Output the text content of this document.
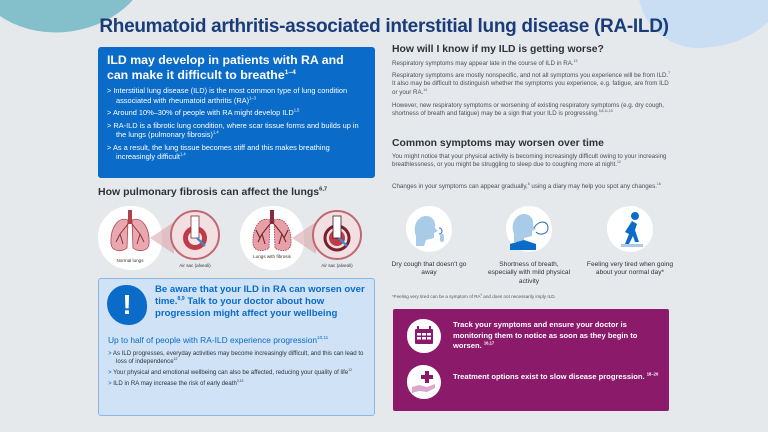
Rheumatoid arthritis-associated interstitial lung disease (RA-ILD)
ILD may develop in patients with RA and can make it difficult to breathe$^{1-4}$
> Interstitial lung disease (ILD) is the most common type of lung condition associated with rheumatoid arthritis (RA)$^{1-3}$
> Around 10%–30% of people with RA might develop ILD$^{1,5}$
> RA-ILD is a fibrotic lung condition, where scar tissue forms and builds up in the lungs (pulmonary fibrosis)$^{1,4}$
> As a result, the lung tissue becomes stiff and this makes breathing increasingly difficult$^{1,4}$
How pulmonary fibrosis can affect the lungs$^{6,7}$
Normal lungs
Air sac (alveoli)
Lungs with fibrosis
Air sac (alveoli)
!	Be aware that your ILD in RA can worsen over time.$^{8,9}$ Talk to your doctor about how progression might affect your wellbeing
Up to half of people with RA-ILD experience progression$^{10,11}$
> As ILD progresses, everyday activities may become increasingly difficult, and this can lead to loss of independence$^{12}$
> Your physical and emotional wellbeing can also be affected, reducing your quality of life$^{12}$
> ILD in RA may increase the risk of early death$^{3,13}$
How will I know if my ILD is getting worse?

Respiratory symptoms may appear late in the course of ILD in RA.$^{13}$

Respiratory symptoms are mostly nonspecific, and not all symptoms you experience will be from ILD.$^7$ It also may be difficult to distinguish whether the symptoms you experience, e.g. fatigue, are from ILD or your RA.$^{14}$

However, new respiratory symptoms or worsening of existing respiratory symptoms (e.g. dry cough, shortness of breath and fatigue) may be a sign that your ILD is progressing.$^{5,8,11,15}$

Common symptoms may worsen over time

You might notice that your physical activity is becoming increasingly difficult owing to your increasing breathlessness, or you might be struggling to sleep due to coughing more at night.$^{12}$

Changes in your symptoms can appear gradually,$^8$ using a diary may help you spot any changes.$^{16}$

Dry cough that doesn't go away
Shortness of breath, especially with mild physical activity
Feeling very tired when going about your normal day*

*Feeling very tired can be a symptom of $RA^8$ and does not necessarily imply ILD.

Track your symptoms and ensure your doctor is monitoring them to notice as soon as they begin to worsen. $^{16,17}$
Treatment options exist to slow disease progression. $^{18-20}$
